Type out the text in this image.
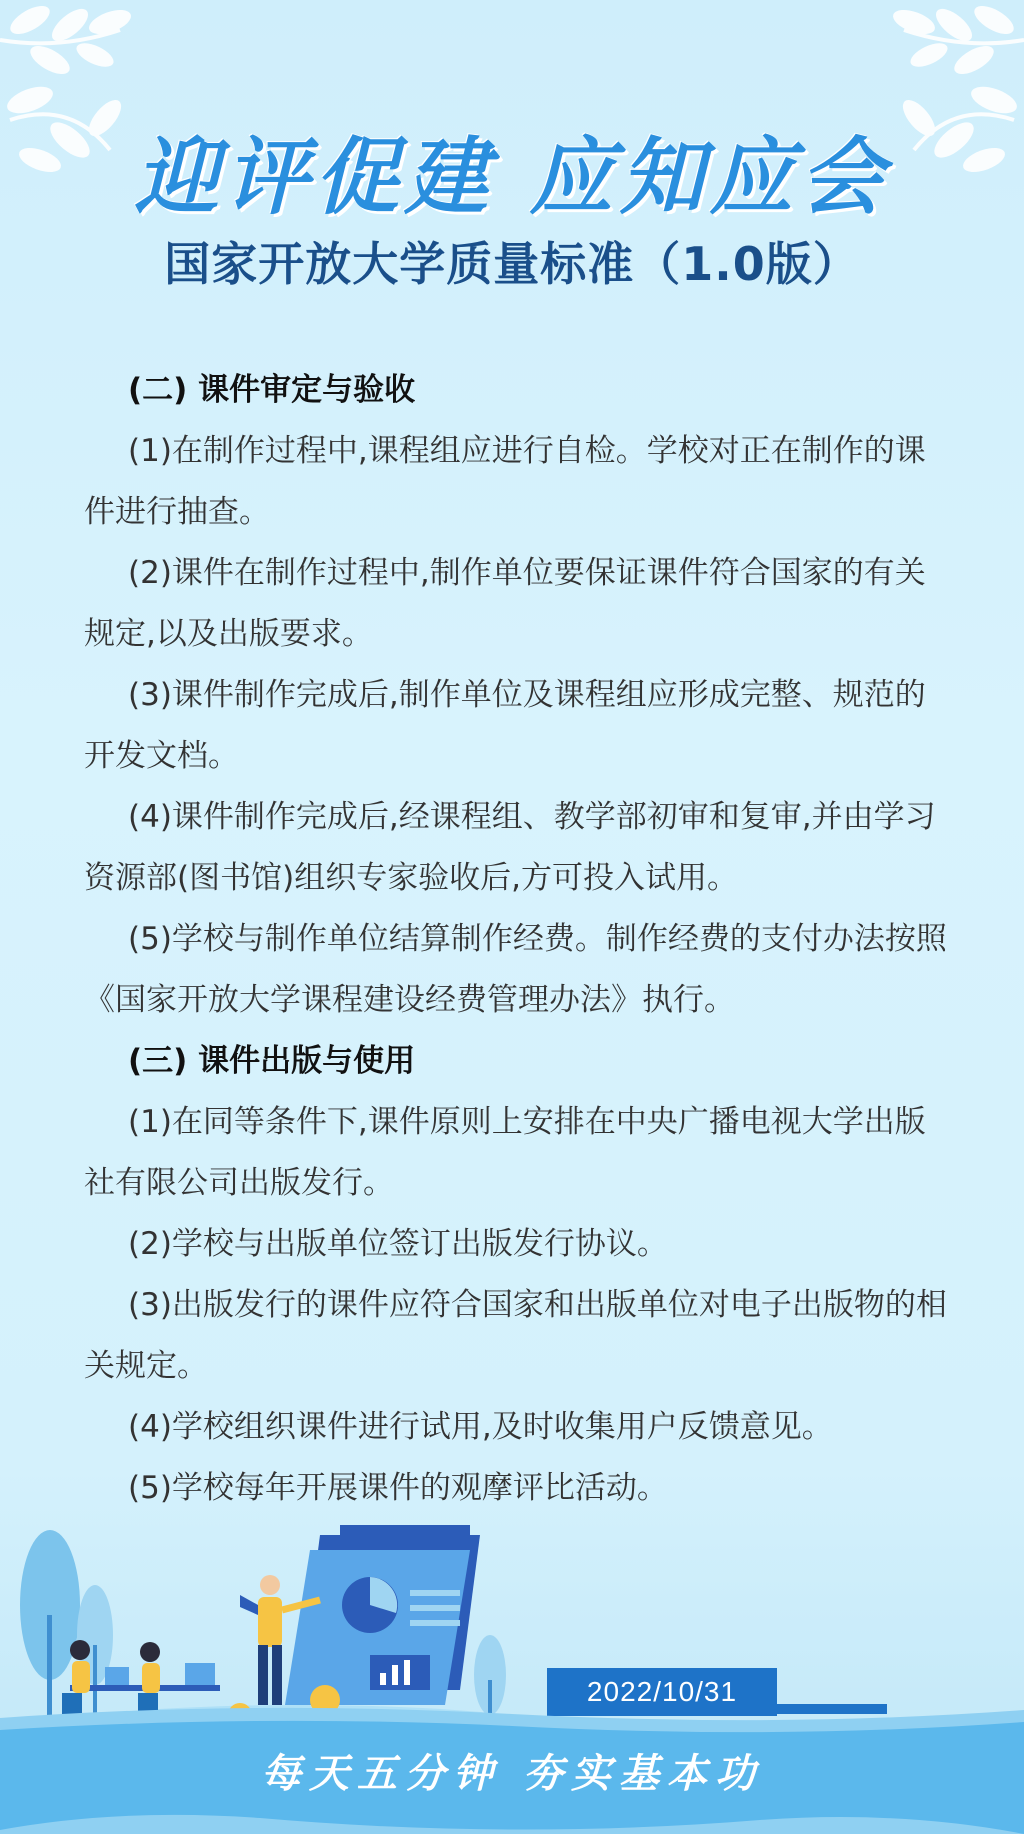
迎评促建 应知应会
国家开放大学质量标准（1.0版）

(二) 课件审定与验收

(1)在制作过程中,课程组应进行自检。学校对正在制作的课件进行抽查。

(2)课件在制作过程中,制作单位要保证课件符合国家的有关规定,以及出版要求。

(3)课件制作完成后,制作单位及课程组应形成完整、规范的开发文档。

(4)课件制作完成后,经课程组、教学部初审和复审,并由学习资源部(图书馆)组织专家验收后,方可投入试用。

(5)学校与制作单位结算制作经费。制作经费的支付办法按照《国家开放大学课程建设经费管理办法》执行。

(三) 课件出版与使用

(1)在同等条件下,课件原则上安排在中央广播电视大学出版社有限公司出版发行。

(2)学校与出版单位签订出版发行协议。

(3)出版发行的课件应符合国家和出版单位对电子出版物的相关规定。

(4)学校组织课件进行试用,及时收集用户反馈意见。

(5)学校每年开展课件的观摩评比活动。

2022/10/31
每天五分钟 夯实基本功
